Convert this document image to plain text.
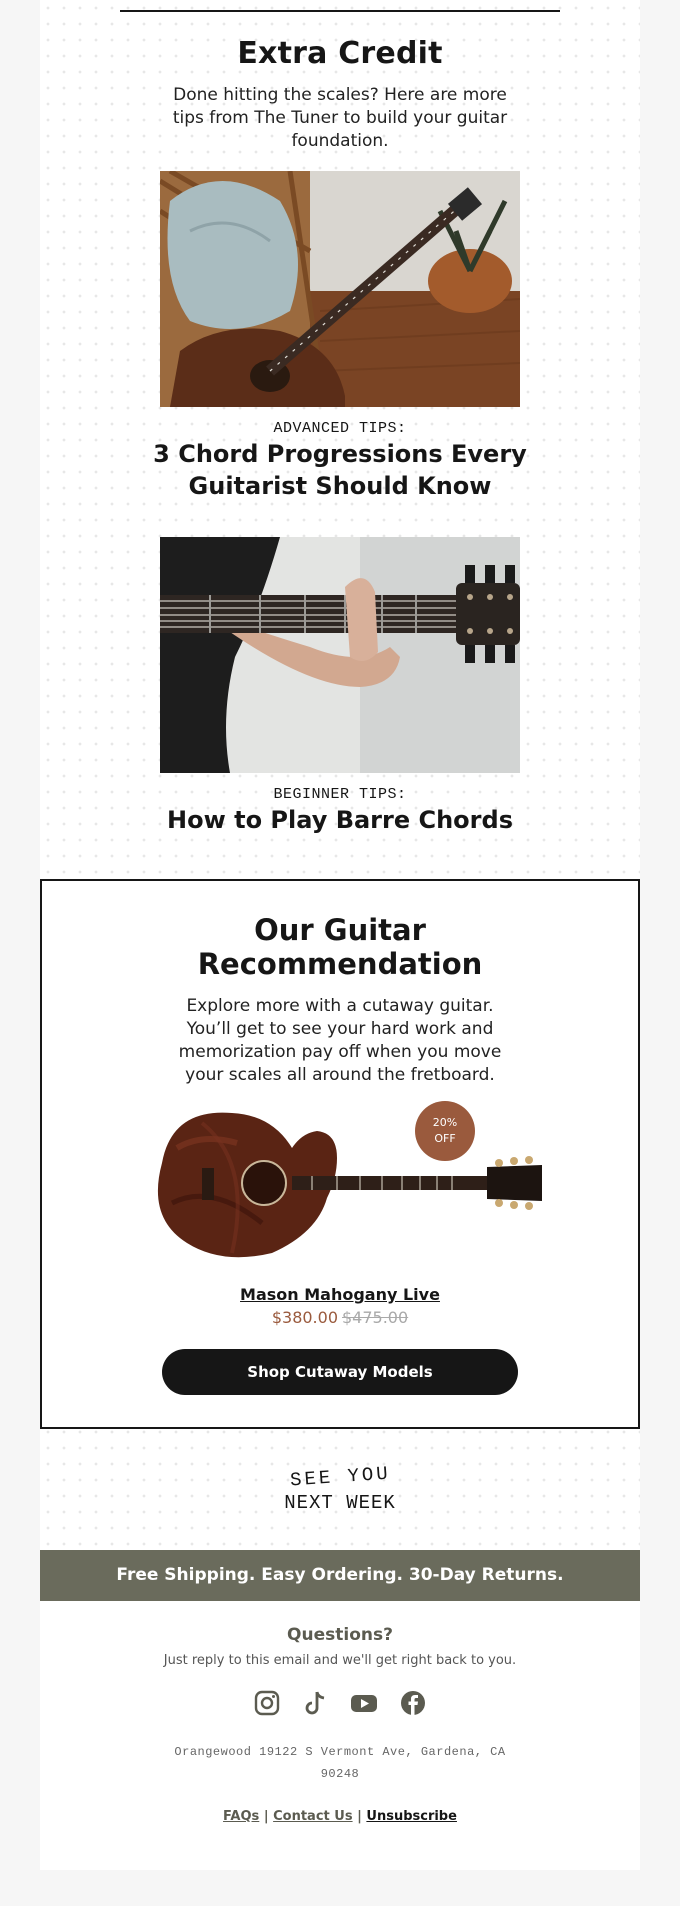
Extra Credit
Done hitting the scales? Here are more
tips from The Tuner to build your guitar
foundation.
ADVANCED TIPS:
3 Chord Progressions Every
Guitarist Should Know
BEGINNER TIPS:
How to Play Barre Chords
Our Guitar
Recommendation
Explore more with a cutaway guitar.
You’ll get to see your hard work and
memorization pay off when you move
your scales all around the fretboard.
20%
OFF
Mason Mahogany Live
$380.00 $475.00
Shop Cutaway Models
SEE YOU
NEXT WEEK
Free Shipping. Easy Ordering. 30-Day Returns.
Questions?
Just reply to this email and we'll get right back to you.
Orangewood 19122 S Vermont Ave, Gardena, CA
90248
FAQs | Contact Us | Unsubscribe
